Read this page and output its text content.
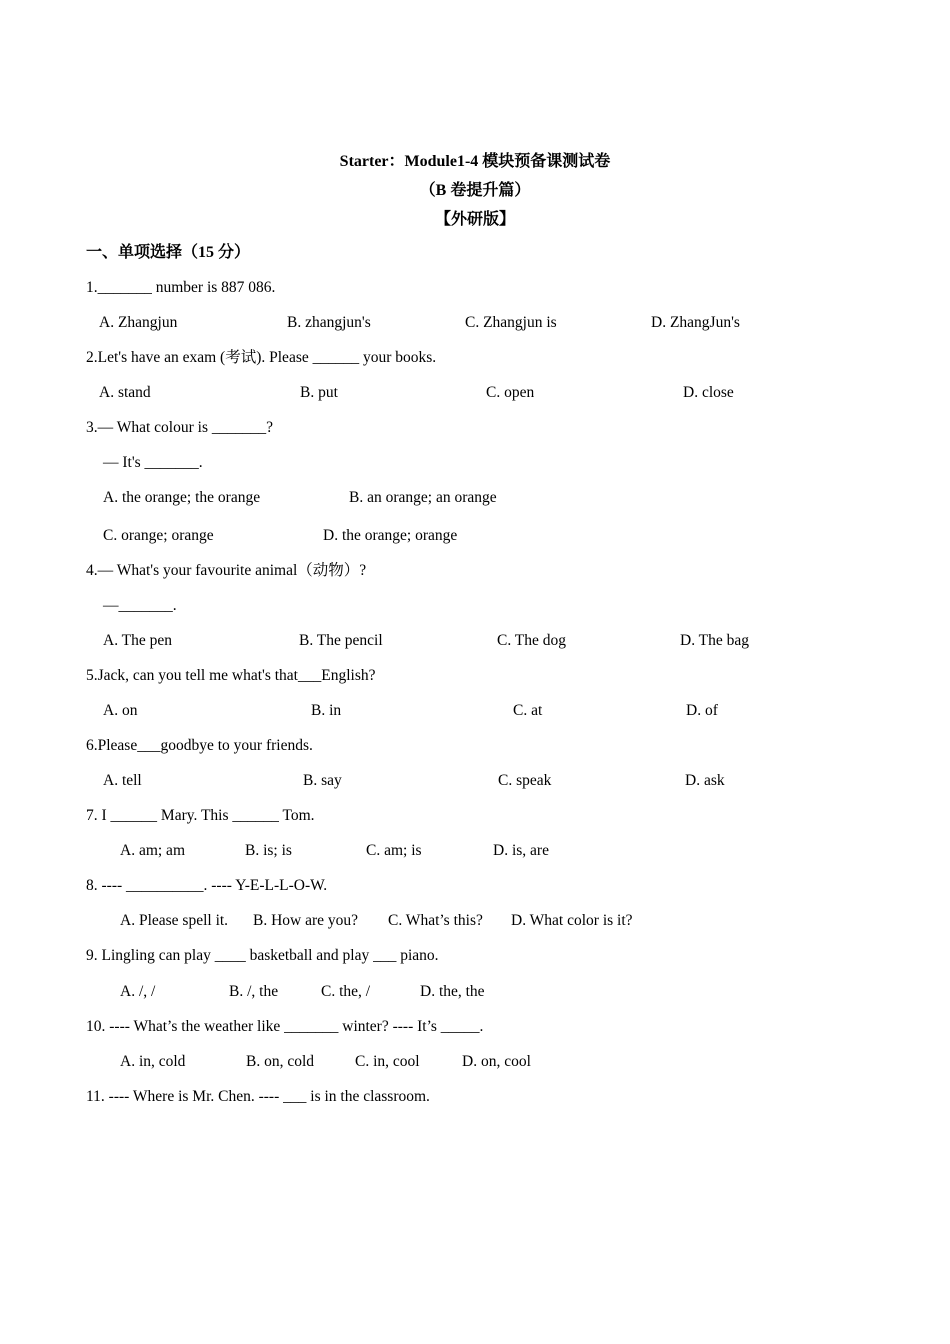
Starter：Module1-4 模块预备课测试卷
（B 卷提升篇）
【外研版】
一、单项选择（15 分）
1._______ number is 887 086.
A. Zhangjun	B. zhangjun's	C. Zhangjun is	D. ZhangJun's
2.Let's have an exam (考试). Please ______ your books.
A. stand	B. put	C. open	D. close
3.— What colour is _______?
— It's _______.
A. the orange; the orange	B. an orange; an orange
C. orange; orange	D. the orange; orange
4.— What's your favourite animal（动物）?
—_______.
A. The pen	B. The pencil	C. The dog	D. The bag
5.Jack, can you tell me what's that___English?
A. on	B. in	C. at	D. of
6.Please___goodbye to your friends.
A. tell	B. say	C. speak	D. ask
7. I ______ Mary. This ______ Tom.
A. am; am	B. is; is	C. am; is	D. is, are
8. ---- __________. ---- Y-E-L-L-O-W.
A. Please spell it. B. How are you? C. What’s this? D. What color is it?
9. Lingling can play ____ basketball and play ___ piano.
A. /, /	B. /, the	C. the, /	D. the, the
10. ---- What’s the weather like _______ winter? ---- It’s _____.
A. in, cold	B. on, cold	C. in, cool	D. on, cool
11. ---- Where is Mr. Chen. ---- ___ is in the classroom.
